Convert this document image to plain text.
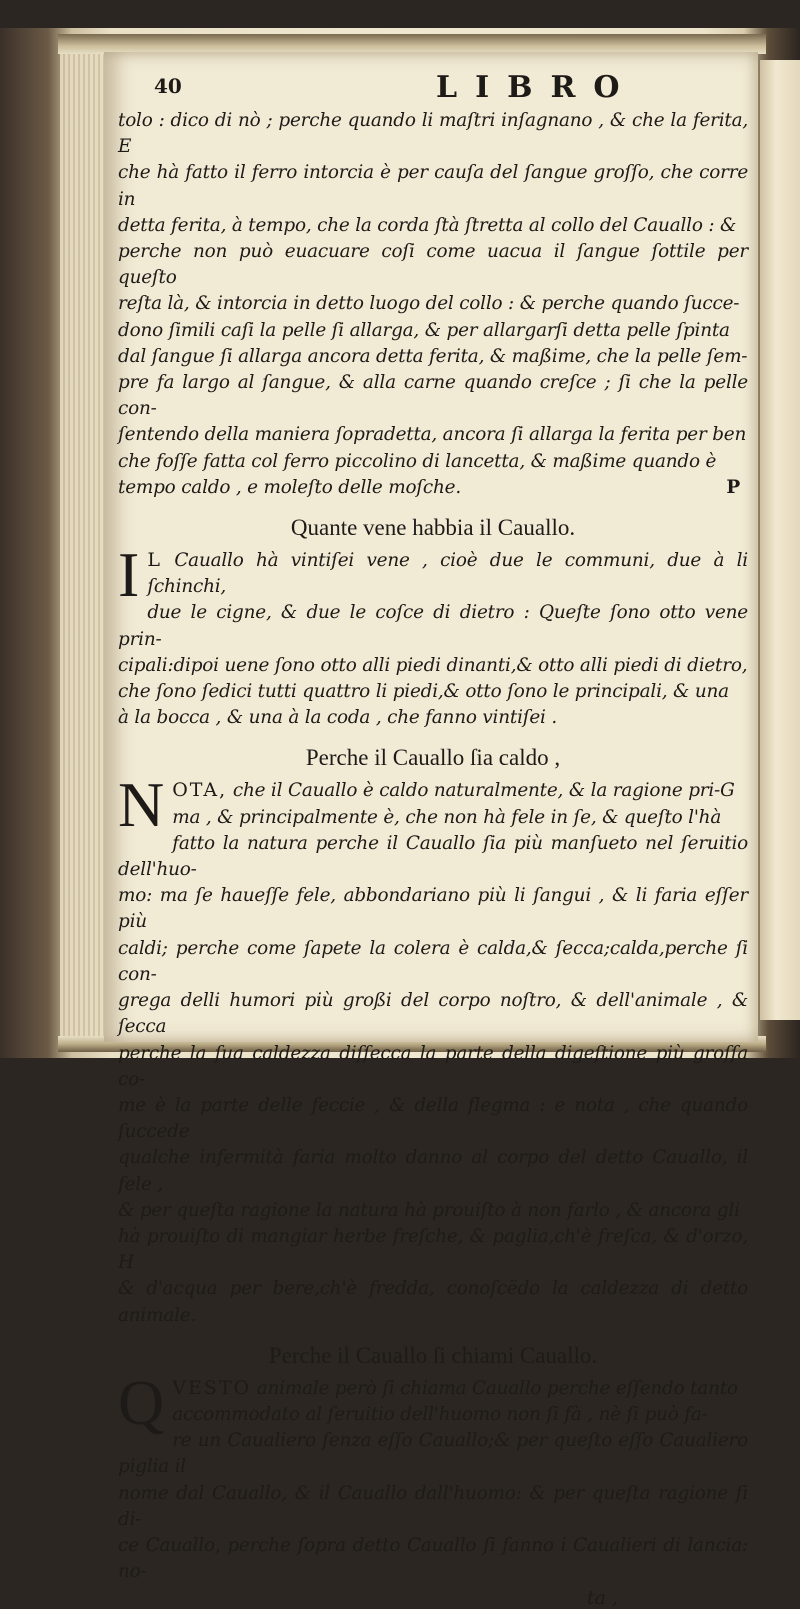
40	LIBRO

tolo : dico di nò ; perche quando li maſtri inſagnano , & che la ferita, E

che hà fatto il ferro intorcia è per cauſa del ſangue groſſo, che corre in

detta ferita, à tempo, che la corda ſtà ſtretta al collo del Cauallo : &

perche non può euacuare coſi come uacua il ſangue ſottile per queſto

reſta là, & intorcia in detto luogo del collo : & perche quando ſucce-

dono ſimili caſi la pelle ſi allarga, & per allargarſi detta pelle ſpinta

dal ſangue ſi allarga ancora detta ferita, & maßime, che la pelle ſem-

pre fa largo al ſangue, & alla carne quando creſce ; ſi che la pelle con-

ſentendo della maniera ſopradetta, ancora ſi allarga la ferita per ben

che foſſe fatta col ferro piccolino di lancetta, & maßime quando è

tempo caldo , e moleſto delle moſche.	P

Quante vene habbia il Cauallo.
I L Cauallo hà vintiſei vene , cioè due le communi, due à li ſchinchi,

due le cigne, & due le coſce di dietro : Queſte ſono otto vene prin-

cipali:dipoi uene ſono otto alli piedi dinanti,& otto alli piedi di dietro,

che ſono ſedici tutti quattro li piedi,& otto ſono le principali, & una

à la bocca , & una à la coda , che fanno vintiſei .

Perche il Cauallo ſia caldo ,
N OTA, che il Cauallo è caldo naturalmente, & la ragione pri-G

ma , & principalmente è, che non hà fele in ſe, & queſto l'hà

fatto la natura perche il Cauallo ſia più manſueto nel ſeruitio dell'huo-

mo: ma ſe haueſſe fele, abbondariano più li ſangui , & li faria eſſer più

caldi; perche come ſapete la colera è calda,& ſecca;calda,perche ſi con-

grega delli humori più großi del corpo noſtro, & dell'animale , & ſecca

perche la ſua caldezza diſſecca la parte della digeſtione più groſſa co-

me è la parte delle feccie , & della flegma : e nota , che quando ſuccede

qualche infermità faria molto danno al corpo del detto Cauallo, il fele ,

& per queſta ragione la natura hà prouiſto à non farlo , & ancora gli

hà prouiſto di mangiar herbe freſche, & paglia,ch'è freſca, & d'orzo, H

& d'acqua per bere,ch'è fredda, conoſcëdo la caldezza di detto animale.

Perche il Cauallo ſi chiami Cauallo.
Q VESTO animale però ſi chiama Cauallo perche eſſendo tanto

accommodato al ſeruitio dell'huomo non ſi fà , nè ſi può fa-

re un Caualiero ſenza eſſo Cauallo;& per queſto eſſo Caualiero piglia il

nome dal Cauallo, & il Cauallo dall'huomo: & per queſta ragione ſi di-

ce Cauallo, perche ſopra detto Cauallo ſi fanno i Caualieri di lancia: no-

ta ,
